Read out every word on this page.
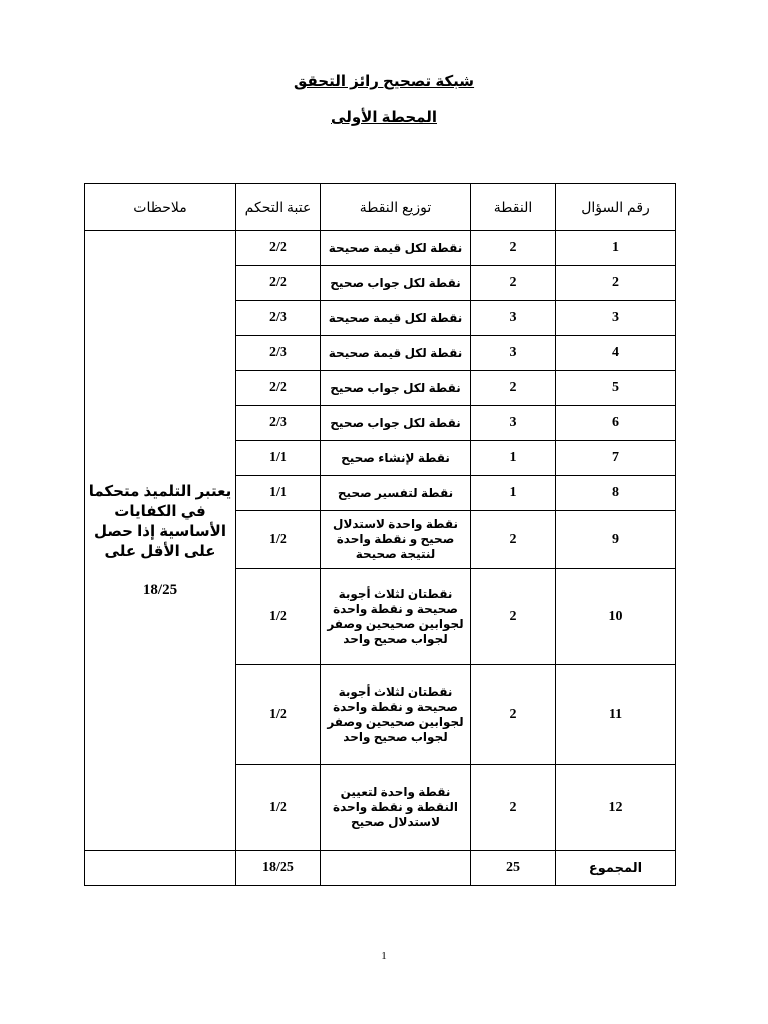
شبكة تصحيح رائز التحقق
المحطة الأولى
رقم السؤال	النقطة	توزيع النقطة	عتبة التحكم	ملاحظات
1	2	نقطة لكل قيمة صحيحة	2/2	يعتبر التلميذ متحكما في الكفايات الأساسية إذا حصل على الأقل على
18/25

2	2	نقطة لكل جواب صحيح	2/2	
3	3	نقطة لكل قيمة صحيحة	2/3	
4	3	نقطة لكل قيمة صحيحة	2/3	
5	2	نقطة لكل جواب صحيح	2/2	
6	3	نقطة لكل جواب صحيح	2/3	
7	1	نقطة لإنشاء صحيح	1/1	
8	1	نقطة لتفسير صحيح	1/1	
9	2	نقطة واحدة لاستدلال صحيح و نقطة واحدة لنتيجة صحيحة	1/2	
10	2	نقطتان لثلاث أجوبة صحيحة و نقطة واحدة لجوابين صحيحين وصفر لجواب صحيح واحد	1/2	
11	2	نقطتان لثلاث أجوبة صحيحة و نقطة واحدة لجوابين صحيحين وصفر لجواب صحيح واحد	1/2	
12	2	نقطة واحدة لتعيين النقطة و نقطة واحدة لاستدلال صحيح	1/2	
المجموع	25		18/25	
1
